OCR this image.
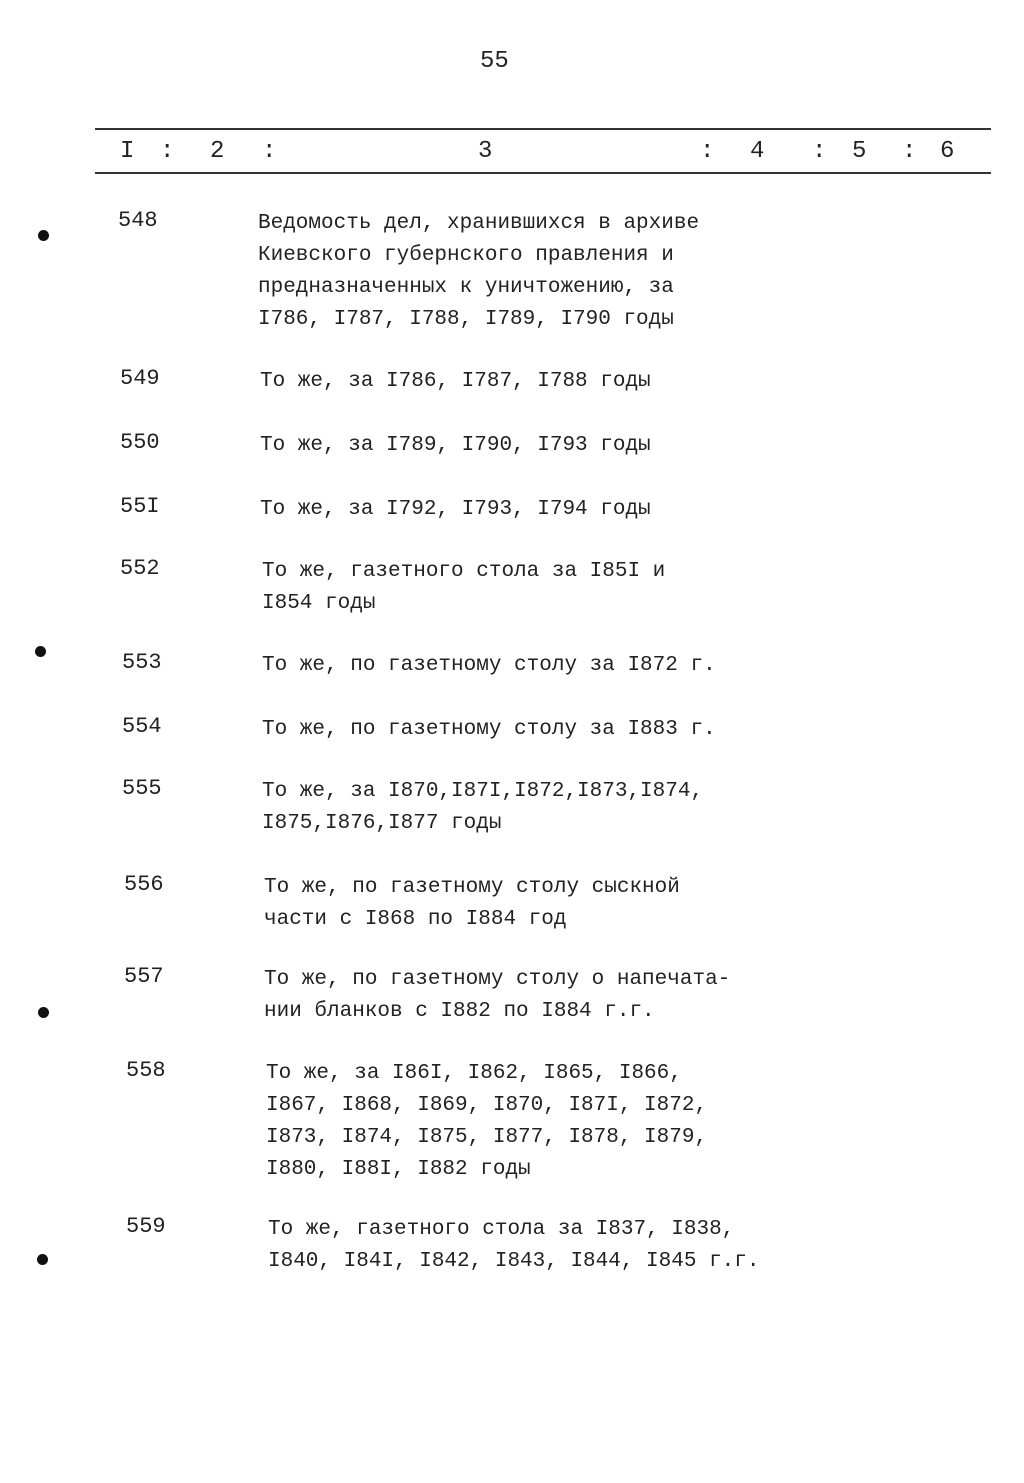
55
I : 2 :	3	: 4 : 5 : 6
548	Ведомость дел, хранившихся в архиве
Киевского губернского правления и
предназначенных к уничтожению, за
I786, I787, I788, I789, I790 годы
549	То же, за I786, I787, I788 годы
550	То же, за I789, I790, I793 годы
55I	То же, за I792, I793, I794 годы
552	То же, газетного стола за I85I и
I854 годы
553	То же, по газетному столу за I872 г.
554	То же, по газетному столу за I883 г.
555	То же, за I870,I87I,I872,I873,I874,
I875,I876,I877 годы
556	То же, по газетному столу сыскной
части с I868 по I884 год
557	То же, по газетному столу о напечата-
нии бланков с I882 по I884 г.г.
558	То же, за I86I, I862, I865, I866,
I867, I868, I869, I870, I87I, I872,
I873, I874, I875, I877, I878, I879,
I880, I88I, I882 годы
559	То же, газетного стола за I837, I838,
I840, I84I, I842, I843, I844, I845 г.г.
